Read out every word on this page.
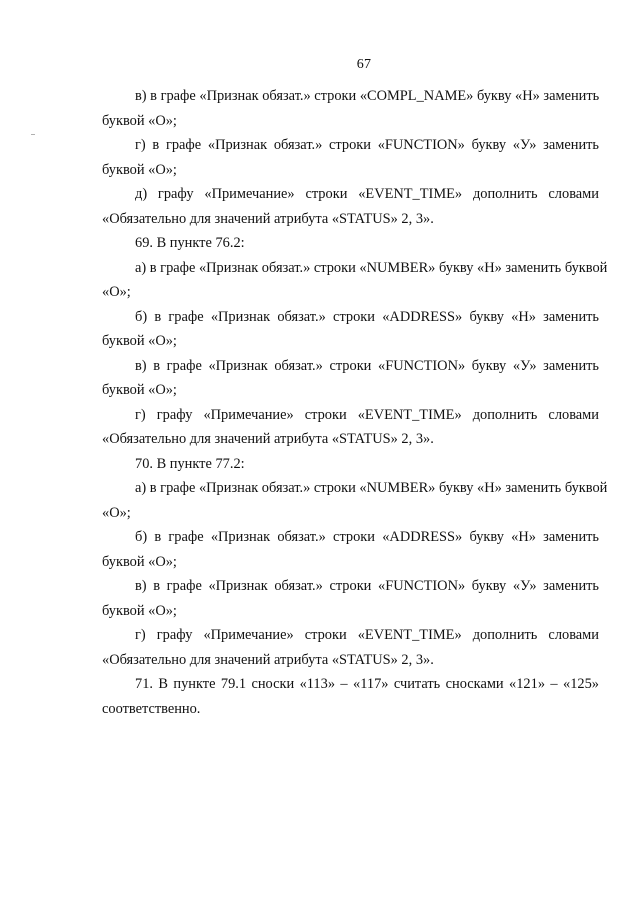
67
в) в графе «Признак обязат.» строки «COMPL_NAME» букву «Н» заменить
буквой «О»;
г) в графе «Признак обязат.» строки «FUNCTION» букву «У» заменить
буквой «О»;
д) графу «Примечание» строки «EVENT_TIME» дополнить словами
«Обязательно для значений атрибута «STATUS» 2, 3».
69. В пункте 76.2:
а) в графе «Признак обязат.» строки «NUMBER» букву «Н» заменить буквой
«О»;
б) в графе «Признак обязат.» строки «ADDRESS» букву «Н» заменить
буквой «О»;
в) в графе «Признак обязат.» строки «FUNCTION» букву «У» заменить
буквой «О»;
г) графу «Примечание» строки «EVENT_TIME» дополнить словами
«Обязательно для значений атрибута «STATUS» 2, 3».
70. В пункте 77.2:
а) в графе «Признак обязат.» строки «NUMBER» букву «Н» заменить буквой
«О»;
б) в графе «Признак обязат.» строки «ADDRESS» букву «Н» заменить
буквой «О»;
в) в графе «Признак обязат.» строки «FUNCTION» букву «У» заменить
буквой «О»;
г) графу «Примечание» строки «EVENT_TIME» дополнить словами
«Обязательно для значений атрибута «STATUS» 2, 3».
71. В пункте 79.1 сноски «113» – «117» считать сносками «121» – «125»
соответственно.
